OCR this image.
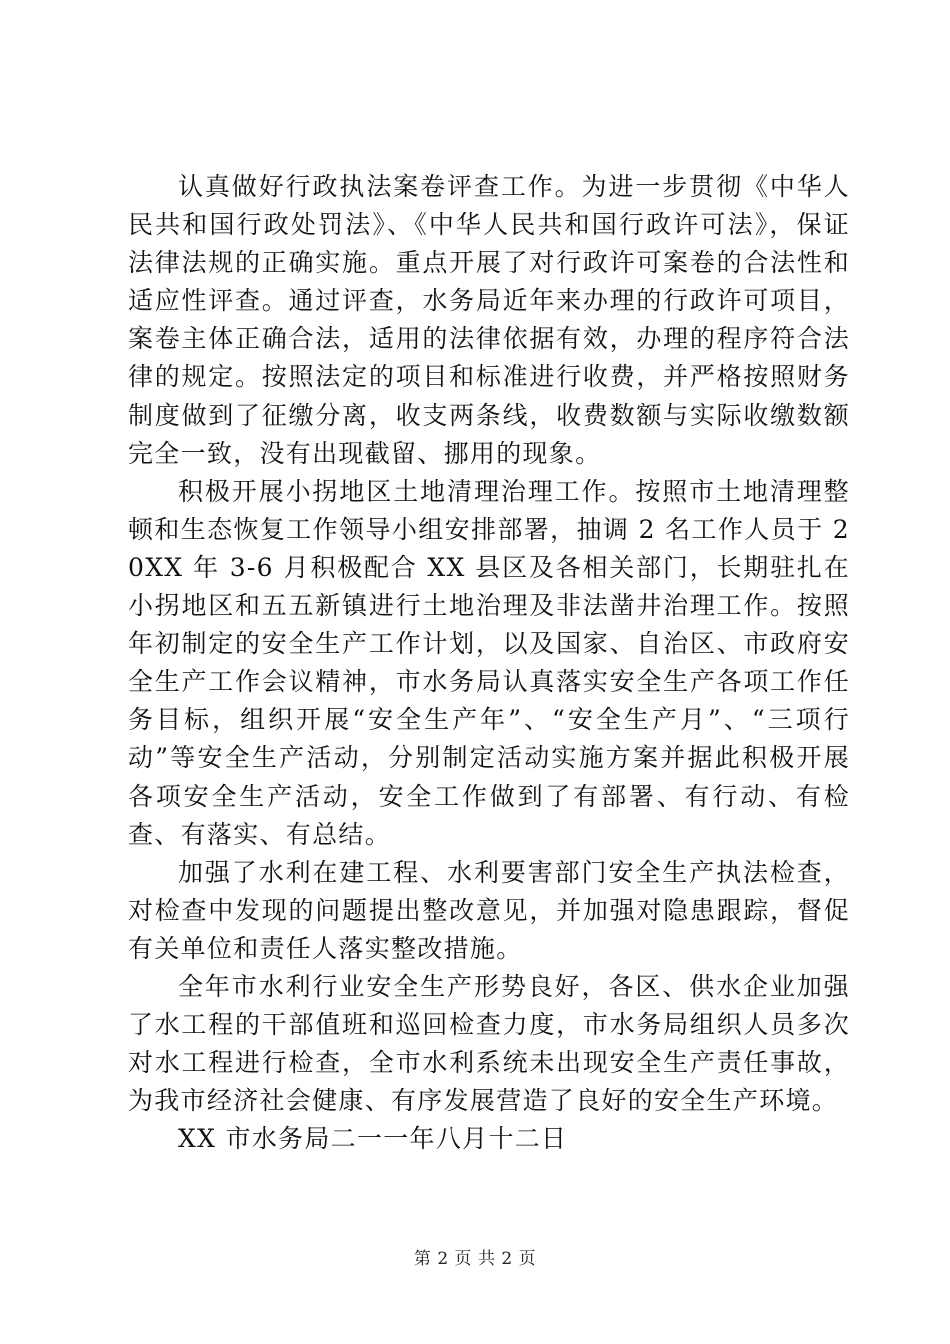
认真做好行政执法案卷评查工作。为进一步贯彻《中华人民共和国行政处罚法》、《中华人民共和国行政许可法》，保证法律法规的正确实施。重点开展了对行政许可案卷的合法性和适应性评查。通过评查，水务局近年来办理的行政许可项目，案卷主体正确合法，适用的法律依据有效，办理的程序符合法律的规定。按照法定的项目和标准进行收费，并严格按照财务制度做到了征缴分离，收支两条线，收费数额与实际收缴数额完全一致，没有出现截留、挪用的现象。

积极开展小拐地区土地清理治理工作。按照市土地清理整顿和生态恢复工作领导小组安排部署，抽调 2 名工作人员于 20XX 年 3-6 月积极配合 XX 县区及各相关部门，长期驻扎在小拐地区和五五新镇进行土地治理及非法凿井治理工作。按照年初制定的安全生产工作计划，以及国家、自治区、市政府安全生产工作会议精神，市水务局认真落实安全生产各项工作任务目标，组织开展“安全生产年”、“安全生产月”、“三项行动”等安全生产活动，分别制定活动实施方案并据此积极开展各项安全生产活动，安全工作做到了有部署、有行动、有检查、有落实、有总结。

加强了水利在建工程、水利要害部门安全生产执法检查，对检查中发现的问题提出整改意见，并加强对隐患跟踪，督促有关单位和责任人落实整改措施。

全年市水利行业安全生产形势良好，各区、供水企业加强了水工程的干部值班和巡回检查力度，市水务局组织人员多次对水工程进行检查，全市水利系统未出现安全生产责任事故，为我市经济社会健康、有序发展营造了良好的安全生产环境。

XX 市水务局二一一年八月十二日

第 2 页 共 2 页
